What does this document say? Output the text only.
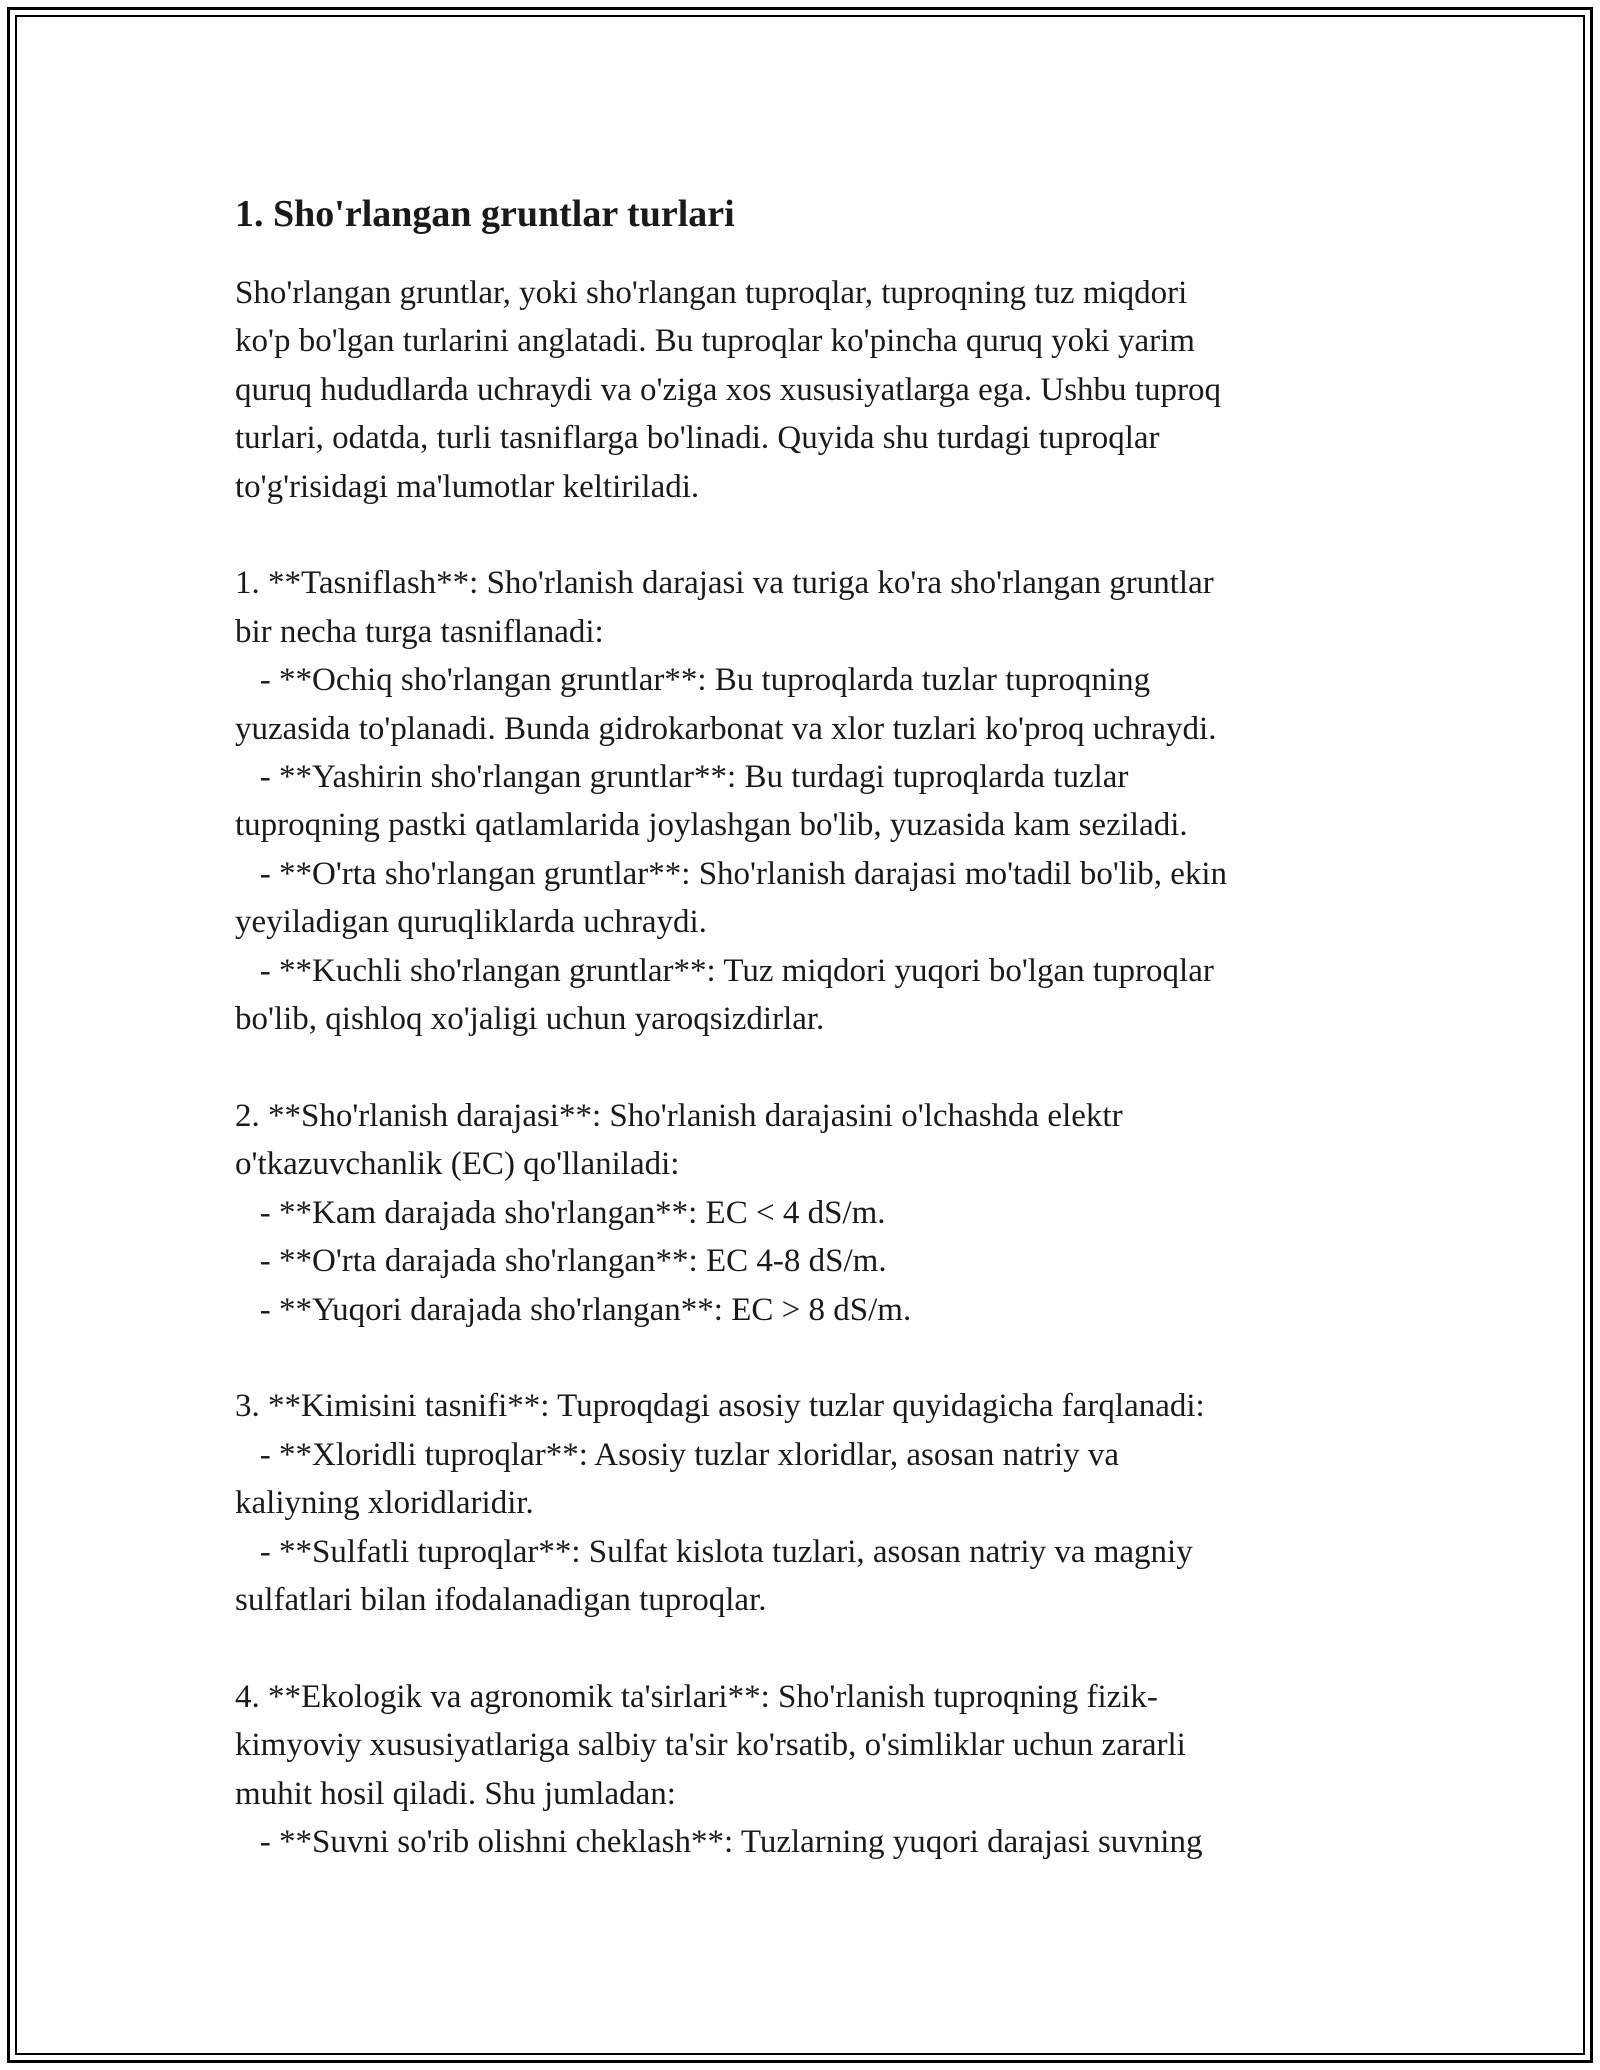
1. Sho'rlangan gruntlar turlari

Sho'rlangan gruntlar, yoki sho'rlangan tuproqlar, tuproqning tuz miqdori

ko'p bo'lgan turlarini anglatadi. Bu tuproqlar ko'pincha quruq yoki yarim

quruq hududlarda uchraydi va o'ziga xos xususiyatlarga ega. Ushbu tuproq

turlari, odatda, turli tasniflarga bo'linadi. Quyida shu turdagi tuproqlar

to'g'risidagi ma'lumotlar keltiriladi.

1. **Tasniflash**: Sho'rlanish darajasi va turiga ko'ra sho'rlangan gruntlar

bir necha turga tasniflanadi:

- **Ochiq sho'rlangan gruntlar**: Bu tuproqlarda tuzlar tuproqning

yuzasida to'planadi. Bunda gidrokarbonat va xlor tuzlari ko'proq uchraydi.

- **Yashirin sho'rlangan gruntlar**: Bu turdagi tuproqlarda tuzlar

tuproqning pastki qatlamlarida joylashgan bo'lib, yuzasida kam seziladi.

- **O'rta sho'rlangan gruntlar**: Sho'rlanish darajasi mo'tadil bo'lib, ekin

yeyiladigan quruqliklarda uchraydi.

- **Kuchli sho'rlangan gruntlar**: Tuz miqdori yuqori bo'lgan tuproqlar

bo'lib, qishloq xo'jaligi uchun yaroqsizdirlar.

2. **Sho'rlanish darajasi**: Sho'rlanish darajasini o'lchashda elektr

o'tkazuvchanlik (EC) qo'llaniladi:

- **Kam darajada sho'rlangan**: EC < 4 dS/m.

- **O'rta darajada sho'rlangan**: EC 4-8 dS/m.

- **Yuqori darajada sho'rlangan**: EC > 8 dS/m.

3. **Kimisini tasnifi**: Tuproqdagi asosiy tuzlar quyidagicha farqlanadi:

- **Xloridli tuproqlar**: Asosiy tuzlar xloridlar, asosan natriy va

kaliyning xloridlaridir.

- **Sulfatli tuproqlar**: Sulfat kislota tuzlari, asosan natriy va magniy

sulfatlari bilan ifodalanadigan tuproqlar.

4. **Ekologik va agronomik ta'sirlari**: Sho'rlanish tuproqning fizik-

kimyoviy xususiyatlariga salbiy ta'sir ko'rsatib, o'simliklar uchun zararli

muhit hosil qiladi. Shu jumladan:

- **Suvni so'rib olishni cheklash**: Tuzlarning yuqori darajasi suvning
